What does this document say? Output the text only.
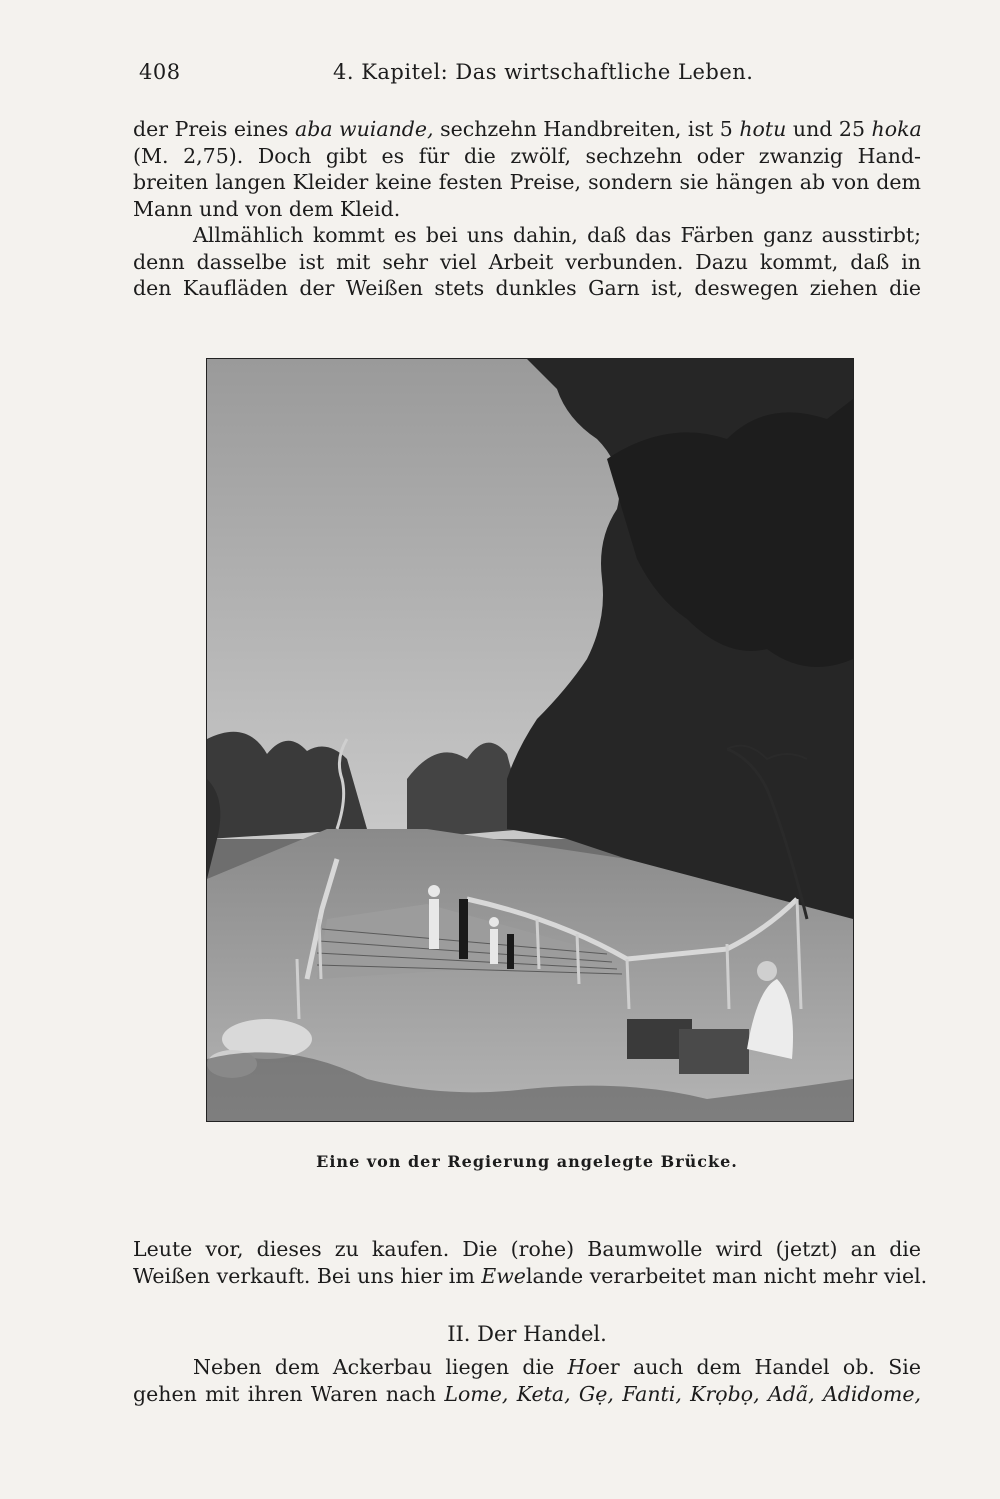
408	4. Kapitel: Das wirtschaftliche Leben.
der Preis eines aba wuiande, sechzehn Handbreiten, ist 5 hotu und 25 hoka
(M. 2,75). Doch gibt es für die zwölf, sechzehn oder zwanzig Hand-
breiten langen Kleider keine festen Preise, sondern sie hängen ab von dem
Mann und von dem Kleid.
Allmählich kommt es bei uns dahin, daß das Färben ganz ausstirbt;
denn dasselbe ist mit sehr viel Arbeit verbunden. Dazu kommt, daß in
den Kaufläden der Weißen stets dunkles Garn ist, deswegen ziehen die
Eine von der Regierung angelegte Brücke.
Leute vor, dieses zu kaufen. Die (rohe) Baumwolle wird (jetzt) an die
Weißen verkauft. Bei uns hier im Ewelande verarbeitet man nicht mehr viel.
II. Der Handel.
Neben dem Ackerbau liegen die Hoer auch dem Handel ob. Sie
gehen mit ihren Waren nach Lome, Keta, Gẹ, Fanti, Krọbọ, Adã, Adidome,
